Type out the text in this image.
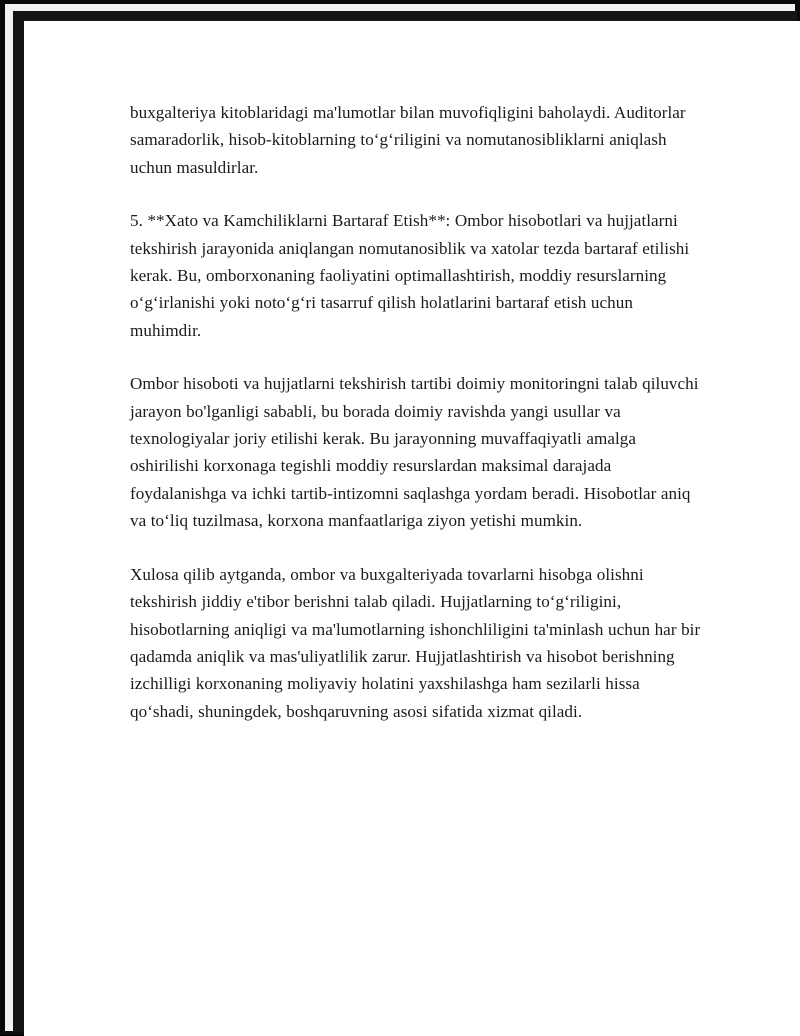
buxgalteriya kitoblaridagi ma'lumotlar bilan muvofiqligini baholaydi. Auditorlar samaradorlik, hisob-kitoblarning toʻgʻriligini va nomutanosibliklarni aniqlash uchun masuldirlar.

5. **Xato va Kamchiliklarni Bartaraf Etish**: Ombor hisobotlari va hujjatlarni tekshirish jarayonida aniqlangan nomutanosiblik va xatolar tezda bartaraf etilishi kerak. Bu, omborxonaning faoliyatini optimallashtirish, moddiy resurslarning oʻgʻirlanishi yoki notoʻgʻri tasarruf qilish holatlarini bartaraf etish uchun muhimdir.

Ombor hisoboti va hujjatlarni tekshirish tartibi doimiy monitoringni talab qiluvchi jarayon bo'lganligi sababli, bu borada doimiy ravishda yangi usullar va texnologiyalar joriy etilishi kerak. Bu jarayonning muvaffaqiyatli amalga oshirilishi korxonaga tegishli moddiy resurslardan maksimal darajada foydalanishga va ichki tartib-intizomni saqlashga yordam beradi. Hisobotlar aniq va toʻliq tuzilmasa, korxona manfaatlariga ziyon yetishi mumkin.

Xulosa qilib aytganda, ombor va buxgalteriyada tovarlarni hisobga olishni tekshirish jiddiy e'tibor berishni talab qiladi. Hujjatlarning toʻgʻriligini, hisobotlarning aniqligi va ma'lumotlarning ishonchliligini ta'minlash uchun har bir qadamda aniqlik va mas'uliyatlilik zarur. Hujjatlashtirish va hisobot berishning izchilligi korxonaning moliyaviy holatini yaxshilashga ham sezilarli hissa qoʻshadi, shuningdek, boshqaruvning asosi sifatida xizmat qiladi.
